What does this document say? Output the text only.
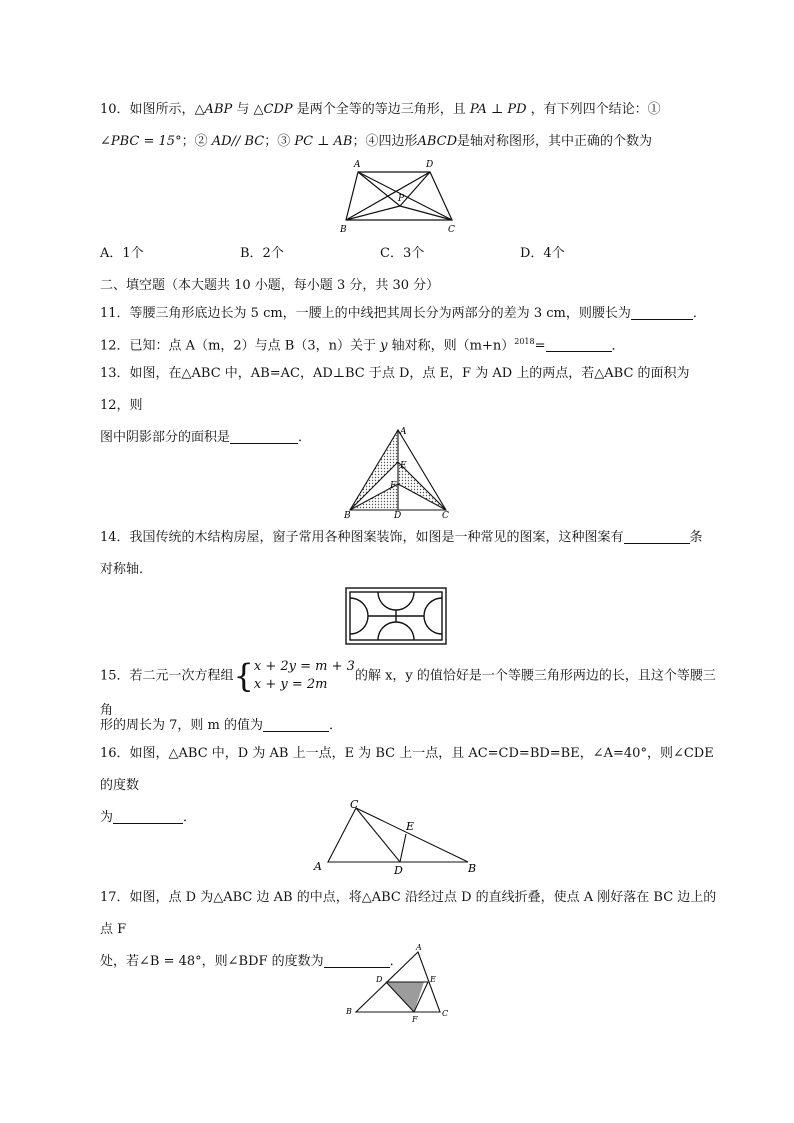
10．如图所示，△ABP 与 △CDP 是两个全等的等边三角形，且 PA ⊥ PD ，有下列四个结论：①
∠PBC = 15°；② AD// BC；③ PC ⊥ AB；④四边形ABCD是轴对称图形，其中正确的个数为
A	D
P
B	C
A．1个	B．2个	C．3个	D．4个
二、填空题（本大题共 10 小题，每小题 3 分，共 30 分）
11．等腰三角形底边长为 5 cm，一腰上的中线把其周长分为两部分的差为 3 cm，则腰长为	．
12．已知：点 A（m，2）与点 B（3，n）关于 y 轴对称，则$(m+n)^{2018}=$	．
13．如图，在△ABC 中，AB=AC，AD⊥BC 于点 D，点 E，F 为 AD 上的两点，若△ABC 的面积为 12，则
图中阴影部分的面积是	．	A
E
F
B	D	C
14．我国传统的木结构房屋，窗子常用各种图案装饰，如图是一种常见的图案，这种图案有	条
对称轴．
15．若二元一次方程组{x + 2y = m + 3
x + y = 2m的解 x，y 的值恰好是一个等腰三角形两边的长，且这个等腰三角
形的周长为 7，则 m 的值为	．
16．如图，△ABC 中，D 为 AB 上一点，E 为 BC 上一点，且 AC=CD=BD=BE，∠A=40°，则∠CDE 的度数
为	．
C
E
A	D	B
17．如图，点 D 为△ABC 边 AB 的中点，将△ABC 沿经过点 D 的直线折叠，使点 A 刚好落在 BC 边上的点 F
处，若∠B = 48°，则∠BDF 的度数为	．
A
D	E
B
F
C
